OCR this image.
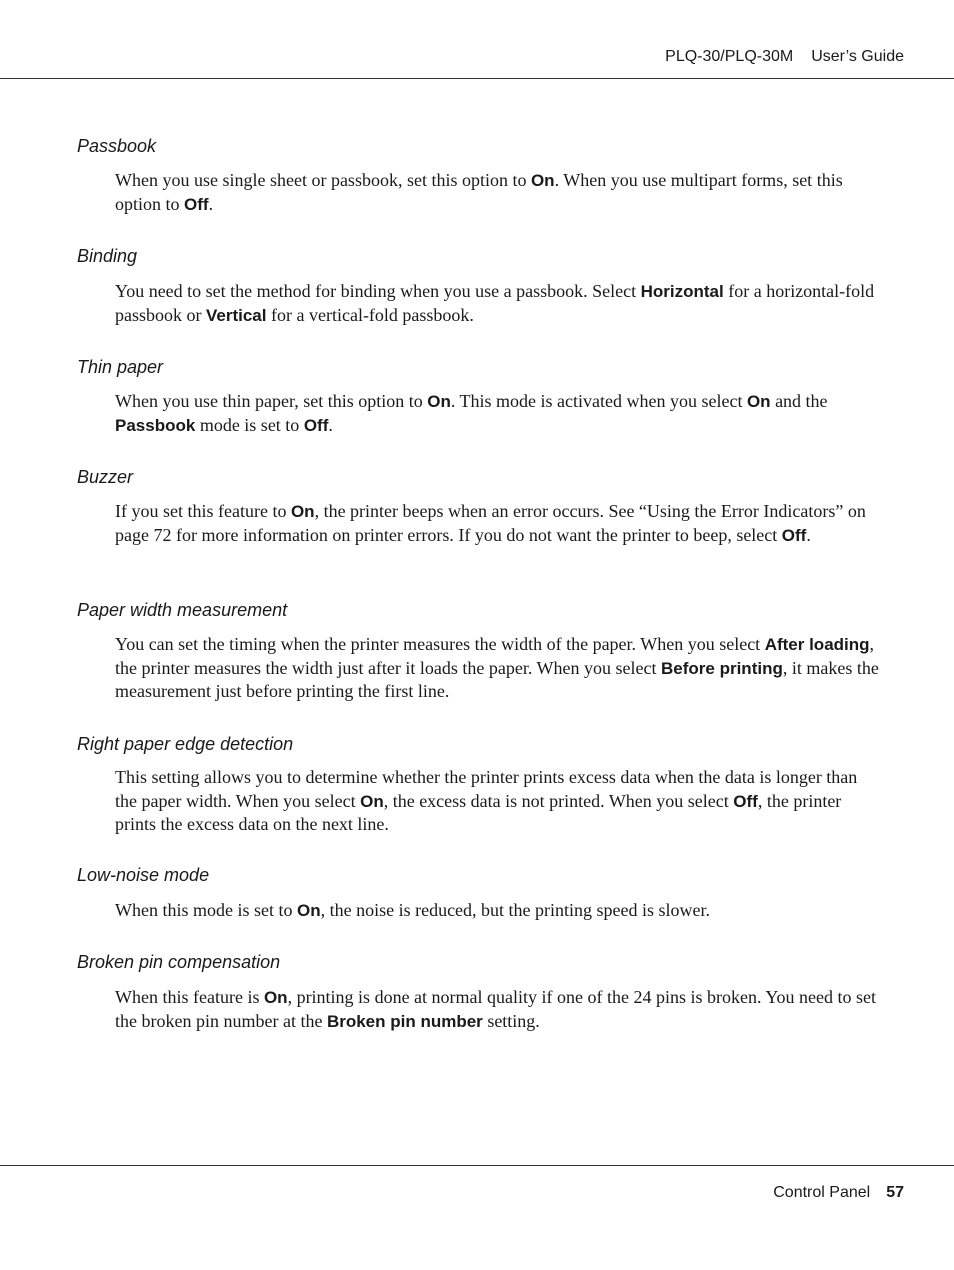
PLQ-30/PLQ-30M User’s Guide
Passbook

When you use single sheet or passbook, set this option to On. When you use multipart forms, set this option to Off.

Binding

You need to set the method for binding when you use a passbook. Select Horizontal for a horizontal-fold passbook or Vertical for a vertical-fold passbook.

Thin paper

When you use thin paper, set this option to On. This mode is activated when you select On and the Passbook mode is set to Off.

Buzzer

If you set this feature to On, the printer beeps when an error occurs. See “Using the Error Indicators” on page 72 for more information on printer errors. If you do not want the printer to beep, select Off.

Paper width measurement

You can set the timing when the printer measures the width of the paper. When you select After loading, the printer measures the width just after it loads the paper. When you select Before printing, it makes the measurement just before printing the first line.

Right paper edge detection

This setting allows you to determine whether the printer prints excess data when the data is longer than the paper width. When you select On, the excess data is not printed. When you select Off, the printer prints the excess data on the next line.

Low-noise mode

When this mode is set to On, the noise is reduced, but the printing speed is slower.

Broken pin compensation

When this feature is On, printing is done at normal quality if one of the 24 pins is broken. You need to set the broken pin number at the Broken pin number setting.

Control Panel 57
